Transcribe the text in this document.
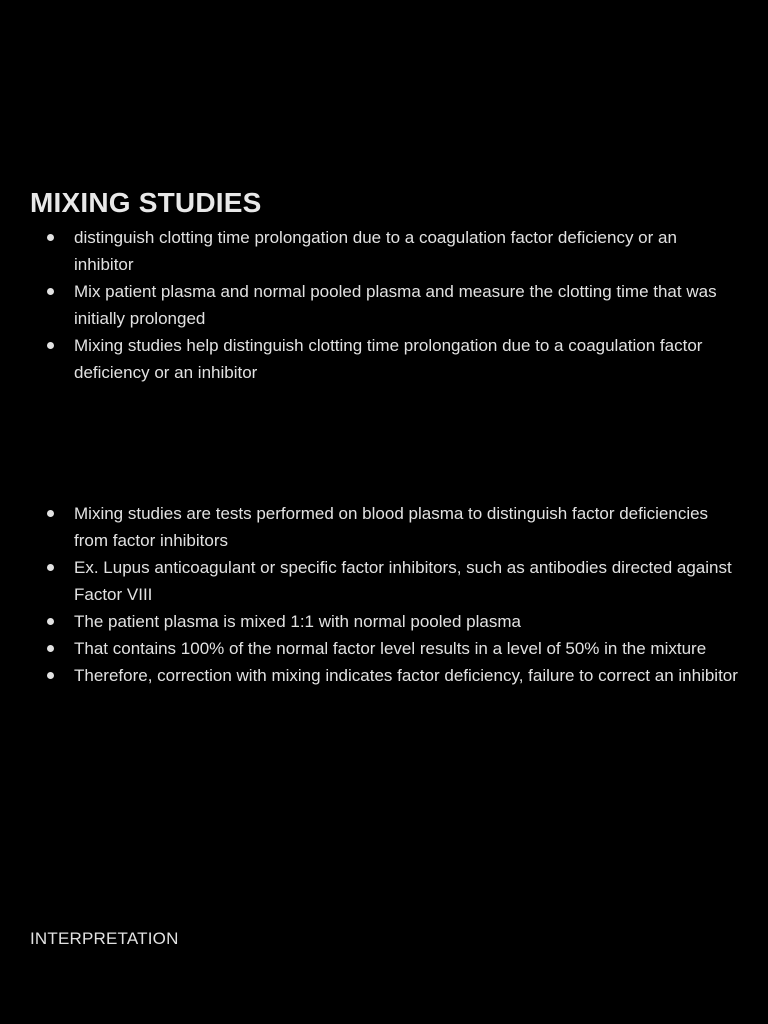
MIXING STUDIES
distinguish clotting time prolongation due to a coagulation factor deficiency or an inhibitor
Mix patient plasma and normal pooled plasma and measure the clotting time that was initially prolonged
Mixing studies help distinguish clotting time prolongation due to a coagulation factor deficiency or an inhibitor
Mixing studies are tests performed on blood plasma to distinguish factor deficiencies from factor inhibitors
Ex. Lupus anticoagulant or specific factor inhibitors, such as antibodies directed against Factor VIII
The patient plasma is mixed 1:1 with normal pooled plasma
That contains 100% of the normal factor level results in a level of 50% in the mixture
Therefore, correction with mixing indicates factor deficiency, failure to correct an inhibitor

INTERPRETATION
